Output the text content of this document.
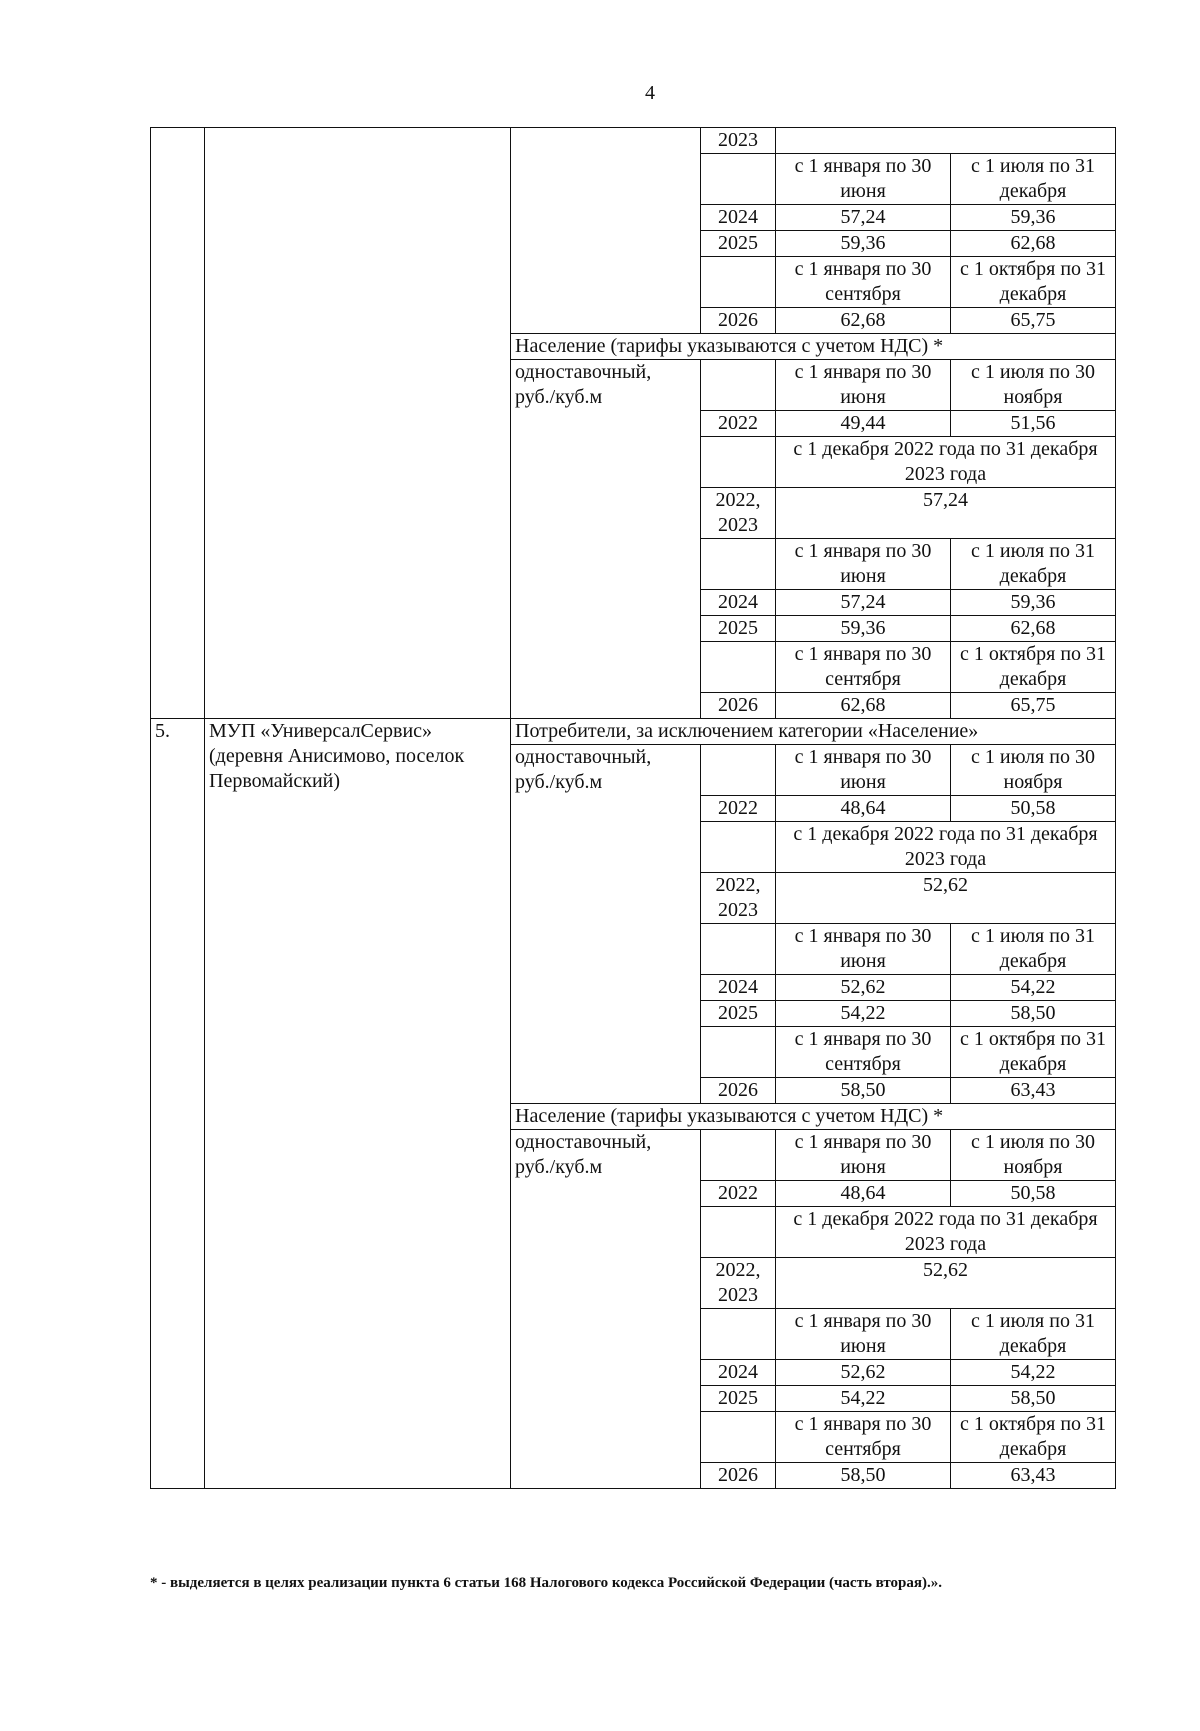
4
			2023		
				с 1 января по 30 июня	с 1 июля по 31 декабря
			2024	57,24	59,36
			2025	59,36	62,68
				с 1 января по 30 сентября	с 1 октября по 31 декабря
			2026	62,68	65,75
		Население (тарифы указываются с учетом НДС) *			
		одноставочный, руб./куб.м		с 1 января по 30 июня	с 1 июля по 30 ноября
			2022	49,44	51,56
				с 1 декабря 2022 года по 31 декабря 2023 года	
			2022, 2023	57,24	
				с 1 января по 30 июня	с 1 июля по 31 декабря
			2024	57,24	59,36
			2025	59,36	62,68
				с 1 января по 30 сентября	с 1 октября по 31 декабря
			2026	62,68	65,75
5.	МУП «УниверсалСервис» (деревня Анисимово, поселок Первомайский)	Потребители, за исключением категории «Население»			
		одноставочный, руб./куб.м		с 1 января по 30 июня	с 1 июля по 30 ноября
			2022	48,64	50,58
				с 1 декабря 2022 года по 31 декабря 2023 года	
			2022, 2023	52,62	
				с 1 января по 30 июня	с 1 июля по 31 декабря
			2024	52,62	54,22
			2025	54,22	58,50
				с 1 января по 30 сентября	с 1 октября по 31 декабря
			2026	58,50	63,43
		Население (тарифы указываются с учетом НДС) *			
		одноставочный, руб./куб.м		с 1 января по 30 июня	с 1 июля по 30 ноября
			2022	48,64	50,58
				с 1 декабря 2022 года по 31 декабря 2023 года	
			2022, 2023	52,62	
				с 1 января по 30 июня	с 1 июля по 31 декабря
			2024	52,62	54,22
			2025	54,22	58,50
				с 1 января по 30 сентября	с 1 октября по 31 декабря
			2026	58,50	63,43
* - выделяется в целях реализации пункта 6 статьи 168 Налогового кодекса Российской Федерации (часть вторая).».
